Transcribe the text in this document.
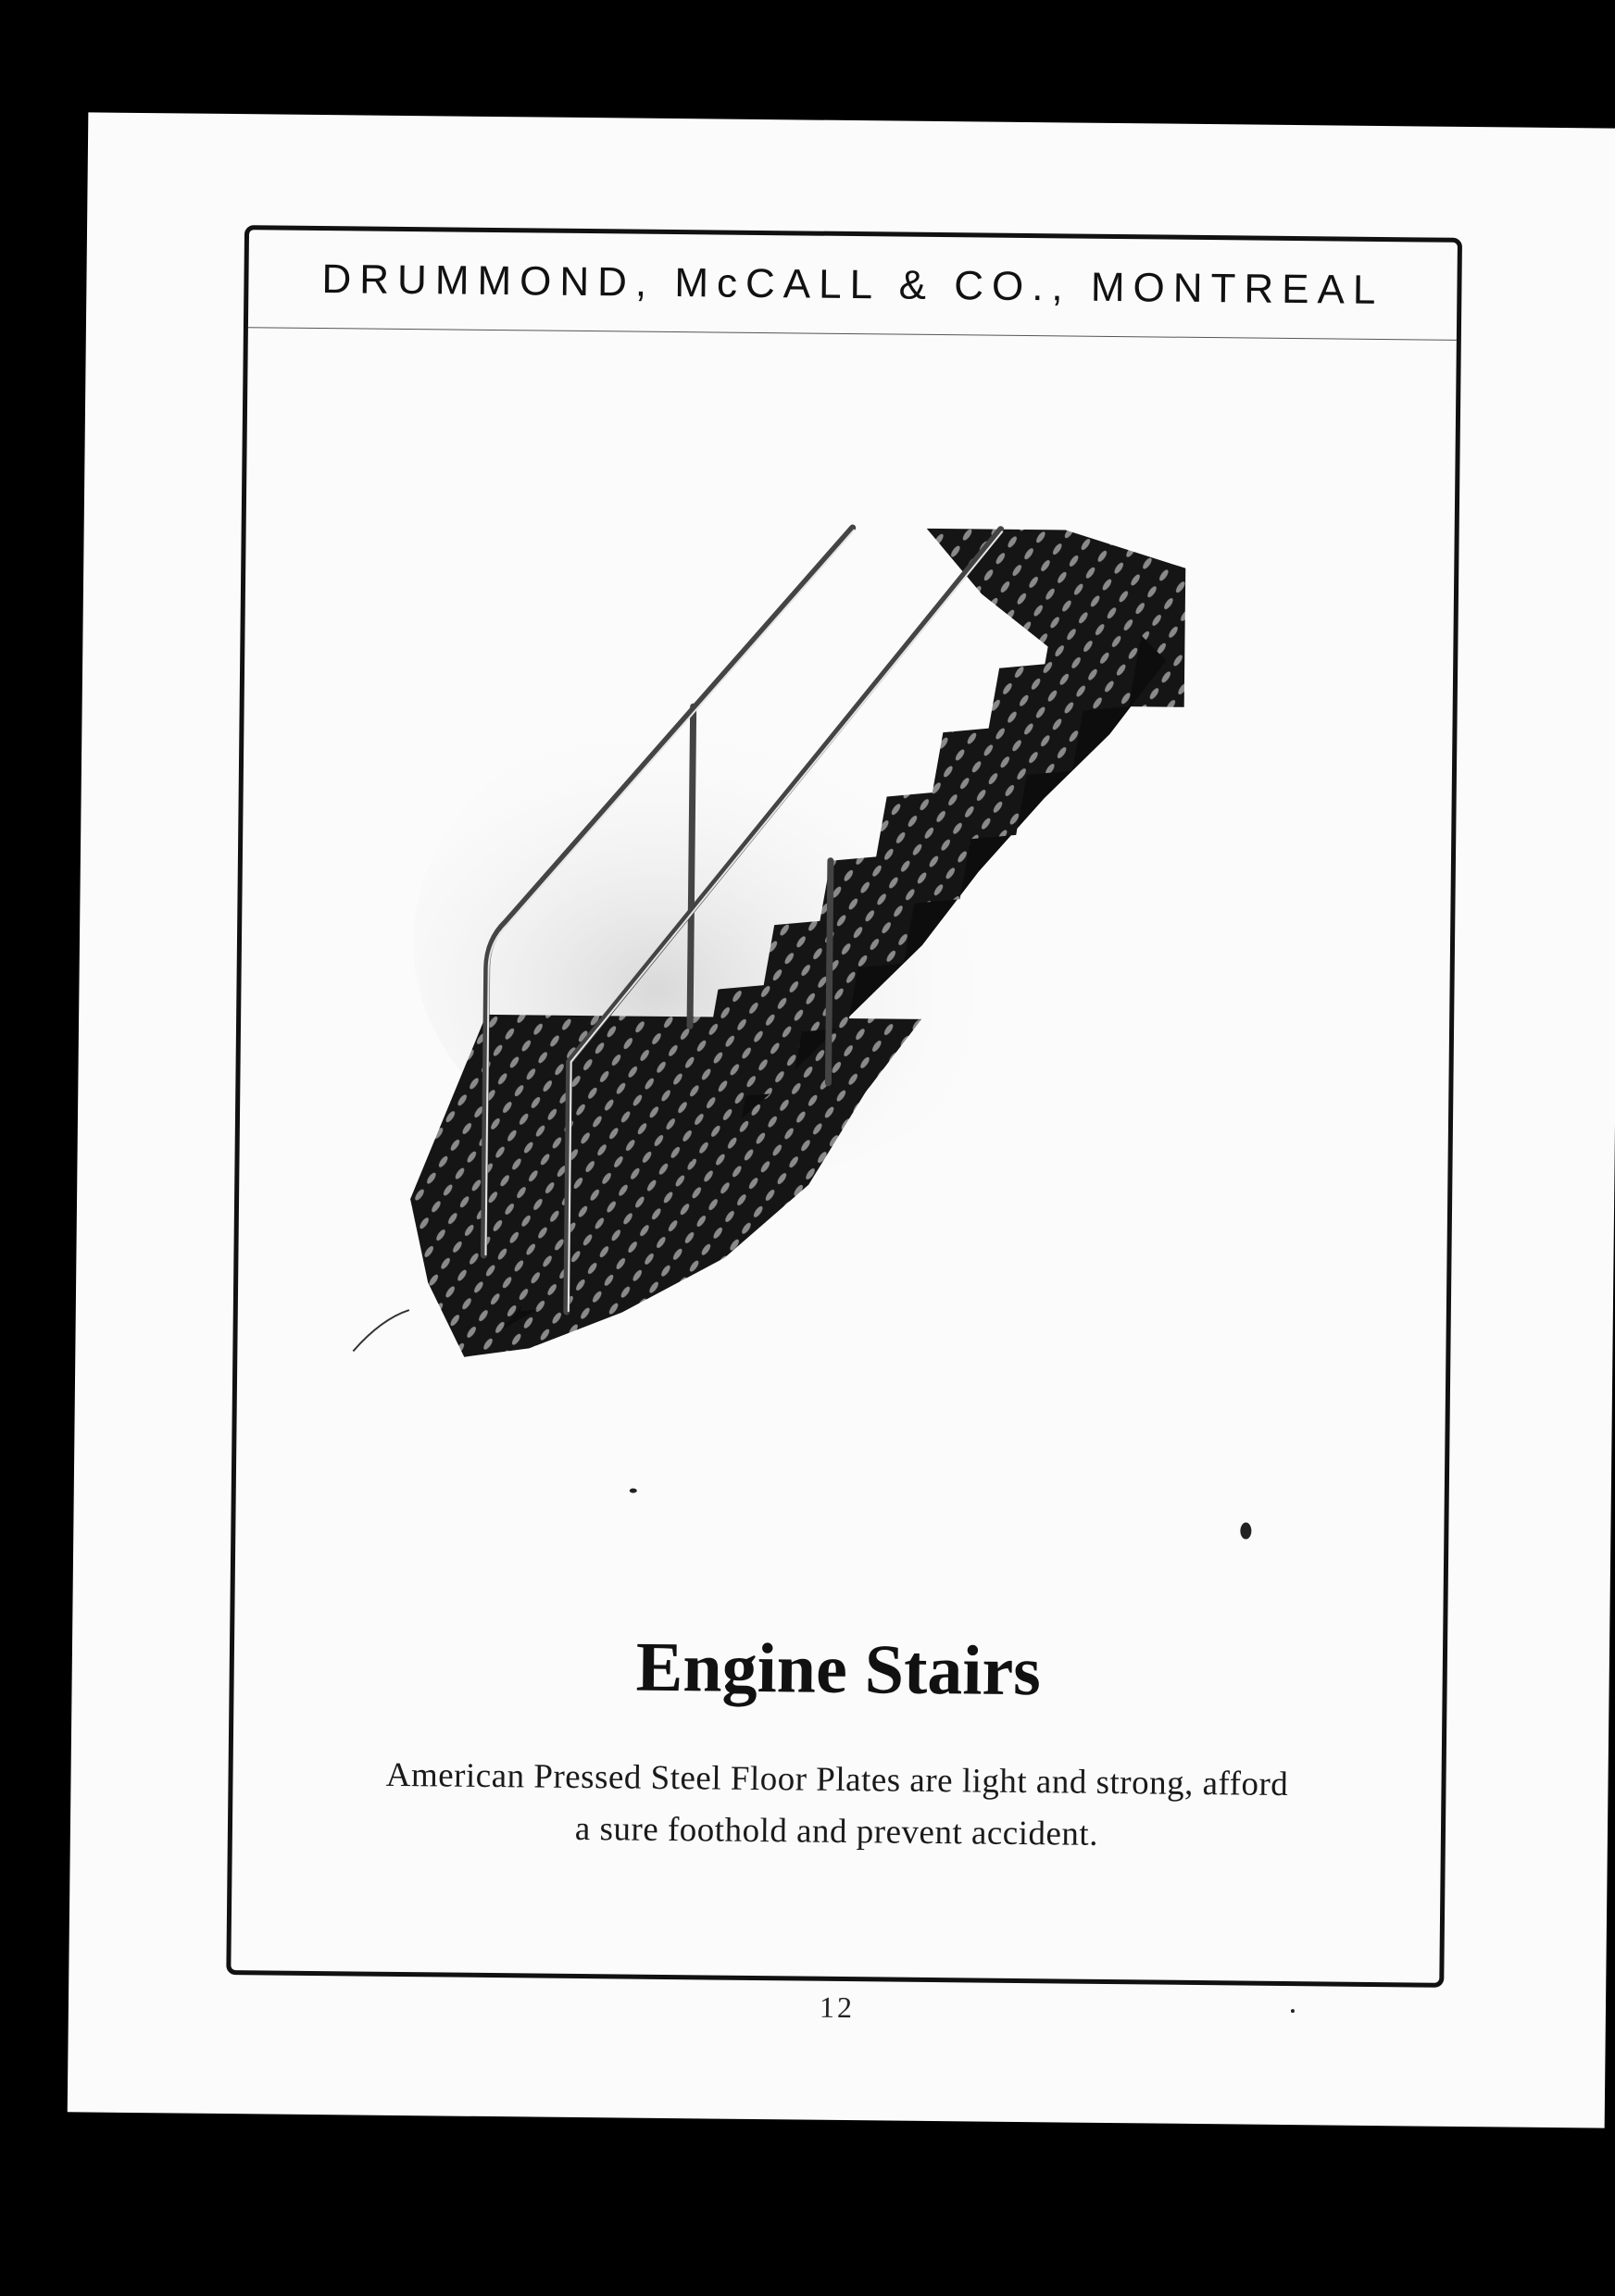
DRUMMOND, McCALL & CO., MONTREAL
Engine Stairs
American Pressed Steel Floor Plates are light and strong, afford
a sure foothold and prevent accident.
12
